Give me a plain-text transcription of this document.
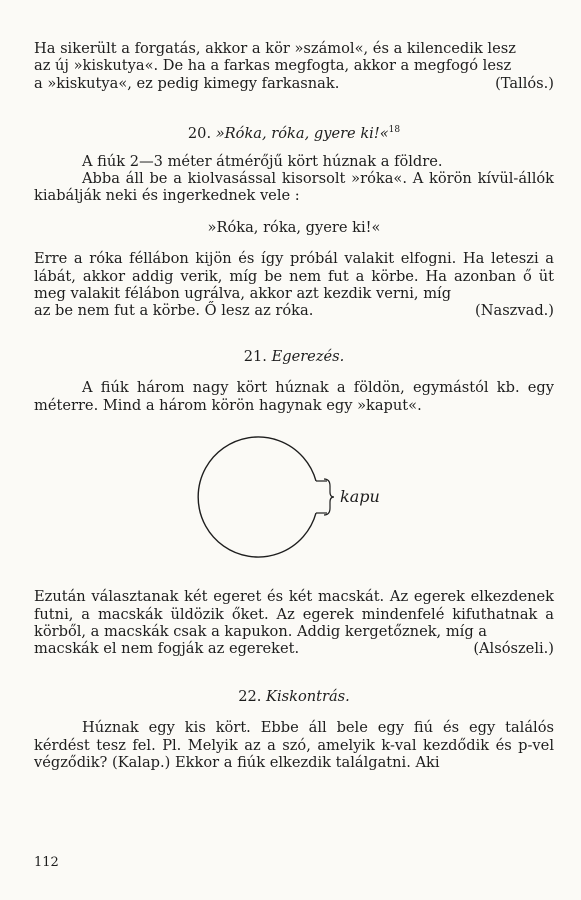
Ha sikerült a forgatás, akkor a kör »számol«, és a kilencedik lesz

az új »kiskutya«. De ha a farkas megfogta, akkor a megfogó lesz

a »kiskutya«, ez pedig kimegy farkasnak.	(Tallós.)
20. »Róka, róka, gyere ki!«$^{18}$

A fiúk 2—3 méter átmérőjű kört húznak a földre.

Abba áll be a kiolvasással kisorsolt »róka«. A körön kívül-állók kiabálják neki és ingerkednek vele :

»Róka, róka, gyere ki!«

Erre a róka féllábon kijön és így próbál valakit elfogni. Ha leteszi a lábát, akkor addig verik, míg be nem fut a körbe. Ha azonban ő üt meg valakit félábon ugrálva, akkor azt kezdik verni, míg

az be nem fut a körbe. Ő lesz az róka.	(Naszvad.)
21. Egerezés.

A fiúk három nagy kört húznak a földön, egymástól kb. egy méterre. Mind a három körön hagynak egy »kaput«.

kapu

Ezután választanak két egeret és két macskát. Az egerek elkezdenek futni, a macskák üldözik őket. Az egerek mindenfelé kifuthatnak a körből, a macskák csak a kapukon. Addig kergetőznek, míg a

macskák el nem fogják az egereket.	(Alsószeli.)
22. Kiskontrás.

Húznak egy kis kört. Ebbe áll bele egy fiú és egy találós kérdést tesz fel. Pl. Melyik az a szó, amelyik k-val kezdődik és p-vel végződik? (Kalap.) Ekkor a fiúk elkezdik találgatni. Aki

112
